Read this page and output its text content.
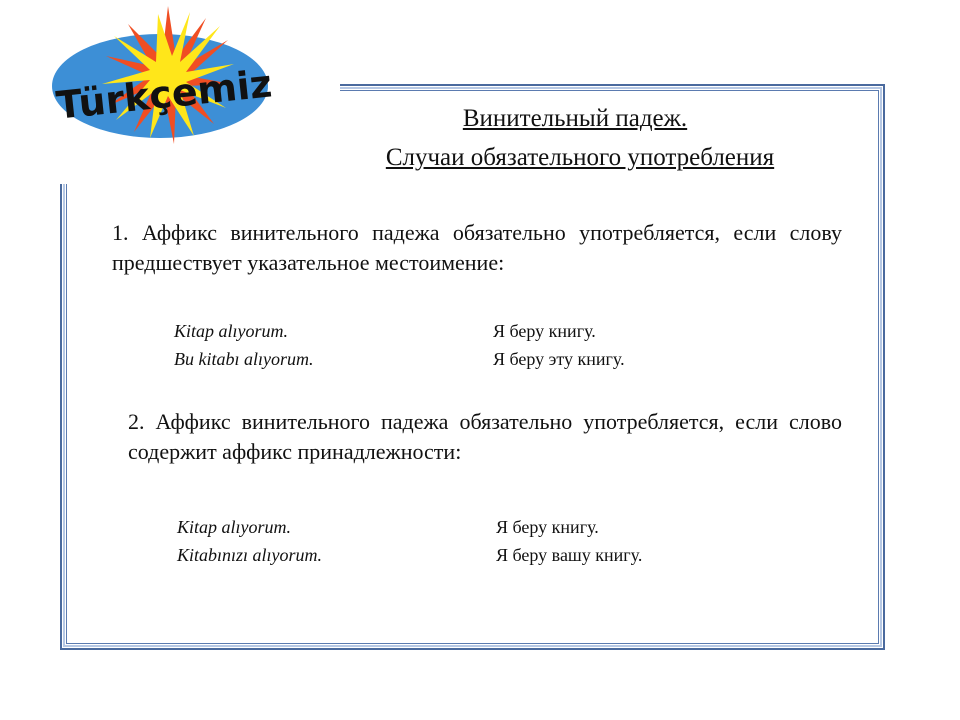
Türkçemiz	Винительный падеж.
Случаи обязательного употребления
1. Аффикс винительного падежа обязательно употребляется, если слову предшествует указательное местоимение:
Kitap alıyorum.	Я беру книгу.
Bu kitabı alıyorum.	Я беру эту книгу.
2. Аффикс винительного падежа обязательно употребляется, если слово содержит аффикс принадлежности:
Kitap alıyorum.	Я беру книгу.
Kitabınızı alıyorum.	Я беру вашу книгу.
